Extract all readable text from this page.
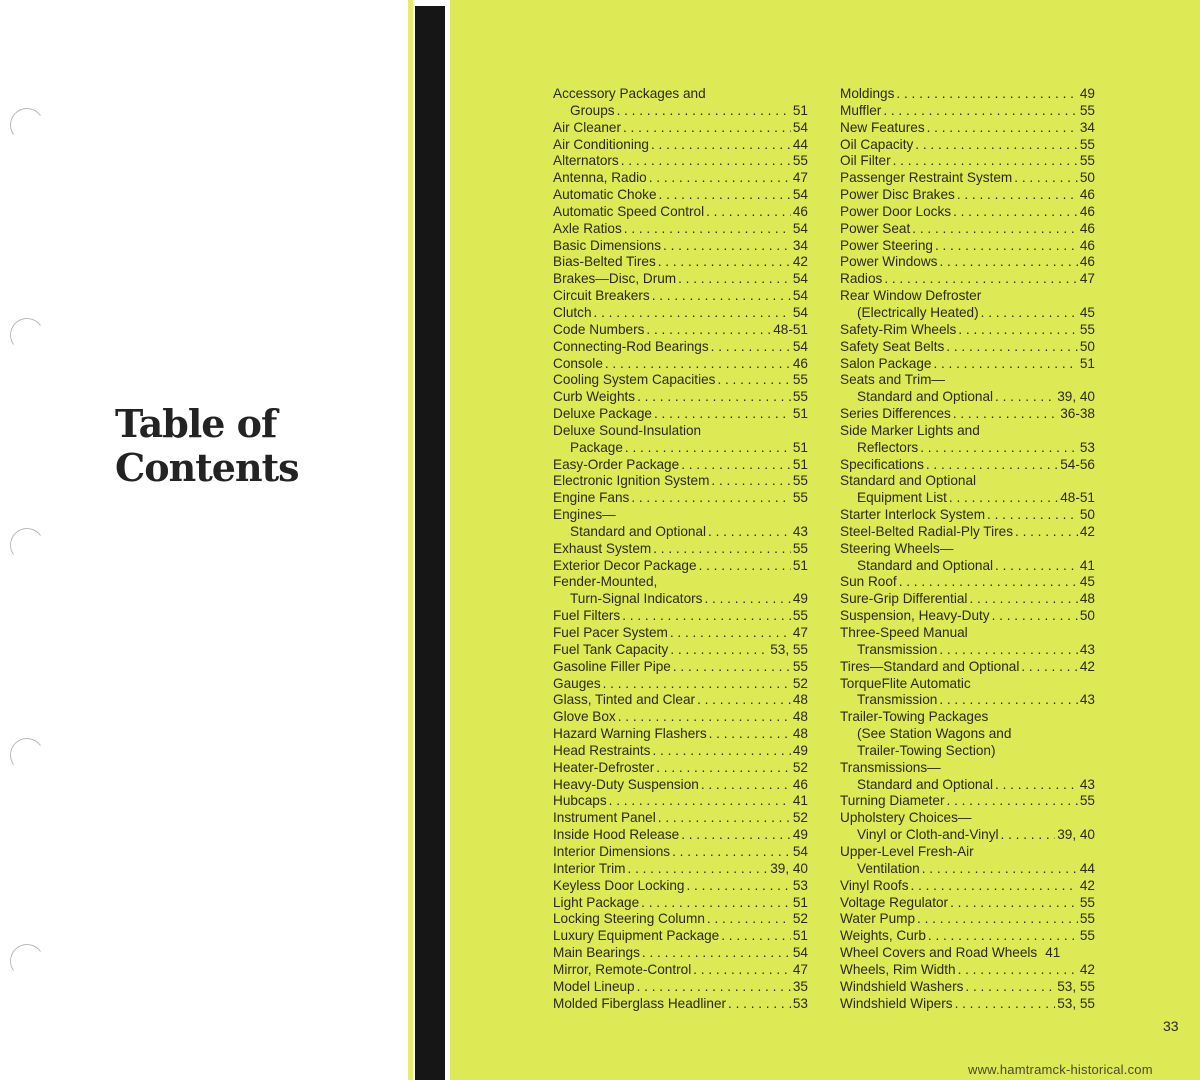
Table of
Contents
Accessory Packages and
Groups . . .	51
Air Cleaner . . .	54
Air Conditioning . . .	44
Alternators . . .	55
Antenna, Radio . . .	47
Automatic Choke . . .	54
Automatic Speed Control . . .	46
Axle Ratios . . .	54
Basic Dimensions . . .	34
Bias-Belted Tires . . .	42
Brakes—Disc, Drum . . .	54
Circuit Breakers . . .	54
Clutch . . .	54
Code Numbers . . .	48-51
Connecting-Rod Bearings . . .	54
Console . . .	46
Cooling System Capacities . . .	55
Curb Weights . . .	55
Deluxe Package . . .	51
Deluxe Sound-Insulation
Package . . .	51
Easy-Order Package . . .	51
Electronic Ignition System . . .	55
Engine Fans . . .	55
Engines—
Standard and Optional . . .	43
Exhaust System . . .	55
Exterior Decor Package . . .	51
Fender-Mounted,
Turn-Signal Indicators . . .	49
Fuel Filters . . .	55
Fuel Pacer System . . .	47
Fuel Tank Capacity . . .	53, 55
Gasoline Filler Pipe . . .	55
Gauges . . .	52
Glass, Tinted and Clear . . .	48
Glove Box . . .	48
Hazard Warning Flashers . . .	48
Head Restraints . . .	49
Heater-Defroster . . .	52
Heavy-Duty Suspension . . .	46
Hubcaps . . .	41
Instrument Panel . . .	52
Inside Hood Release . . .	49
Interior Dimensions . . .	54
Interior Trim . . .	39, 40
Keyless Door Locking . . .	53
Light Package . . .	51
Locking Steering Column . . .	52
Luxury Equipment Package . . .	51
Main Bearings . . .	54
Mirror, Remote-Control . . .	47
Model Lineup . . .	35
Molded Fiberglass Headliner . . .	53
Moldings . . .	49
Muffler . . .	55
New Features . . .	34
Oil Capacity . . .	55
Oil Filter . . .	55
Passenger Restraint System . . .	50
Power Disc Brakes . . .	46
Power Door Locks . . .	46
Power Seat . . .	46
Power Steering . . .	46
Power Windows . . .	46
Radios . . .	47
Rear Window Defroster
(Electrically Heated) . . .	45
Safety-Rim Wheels . . .	55
Safety Seat Belts . . .	50
Salon Package . . .	51
Seats and Trim—
Standard and Optional . . .	39, 40
Series Differences . . .	36-38
Side Marker Lights and
Reflectors . . .	53
Specifications . . .	54-56
Standard and Optional
Equipment List . . .	48-51
Starter Interlock System . . .	50
Steel-Belted Radial-Ply Tires . . .	42
Steering Wheels—
Standard and Optional . . .	41
Sun Roof . . .	45
Sure-Grip Differential . . .	48
Suspension, Heavy-Duty . . .	50
Three-Speed Manual
Transmission . . .	43
Tires—Standard and Optional . . .	42
TorqueFlite Automatic
Transmission . . .	43
Trailer-Towing Packages
(See Station Wagons and
Trailer-Towing Section)
Transmissions—
Standard and Optional . . .	43
Turning Diameter . . .	55
Upholstery Choices—
Vinyl or Cloth-and-Vinyl . . .	39, 40
Upper-Level Fresh-Air
Ventilation . . .	44
Vinyl Roofs . . .	42
Voltage Regulator . . .	55
Water Pump . . .	55
Weights, Curb . . .	55
Wheel Covers and Road Wheels 41
Wheels, Rim Width . . .	42
Windshield Washers . . .	53, 55
Windshield Wipers . . .	53, 55
33
www.hamtramck-historical.com
